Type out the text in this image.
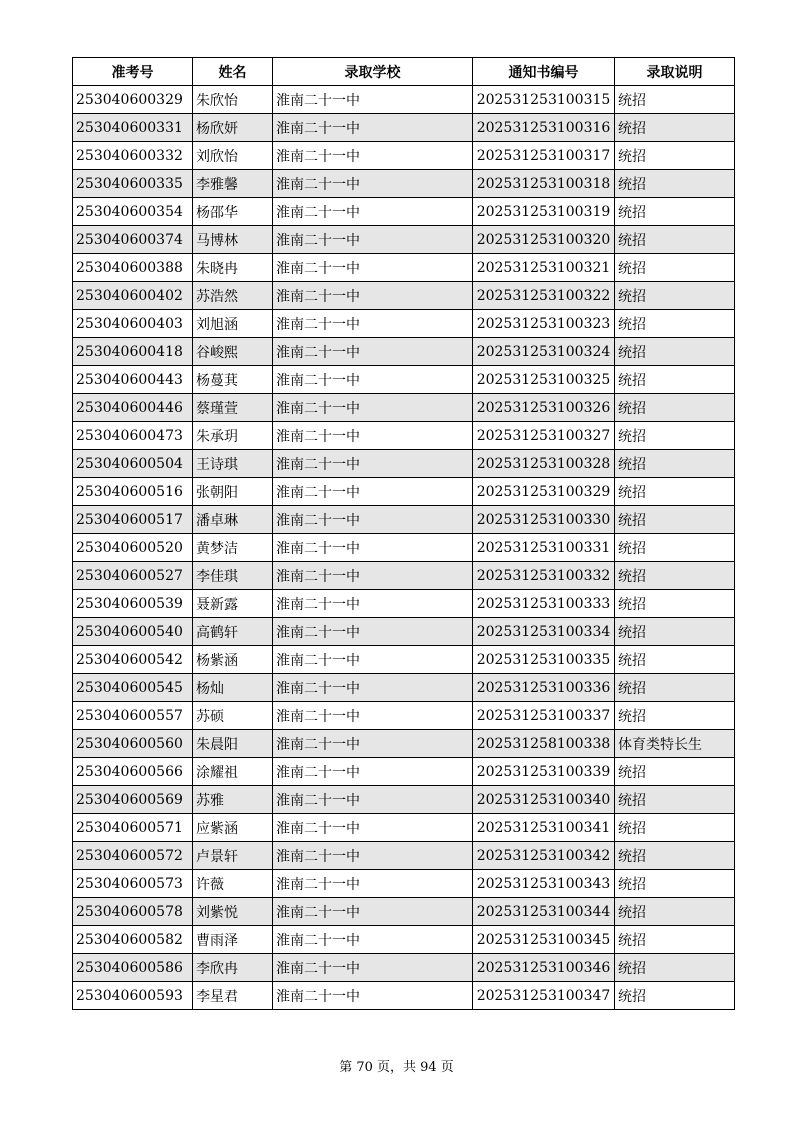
准考号	姓名	录取学校	通知书编号	录取说明
253040600329	朱欣怡	淮南二十一中	202531253100315	统招
253040600331	杨欣妍	淮南二十一中	202531253100316	统招
253040600332	刘欣怡	淮南二十一中	202531253100317	统招
253040600335	李雅馨	淮南二十一中	202531253100318	统招
253040600354	杨邵华	淮南二十一中	202531253100319	统招
253040600374	马博林	淮南二十一中	202531253100320	统招
253040600388	朱晓冉	淮南二十一中	202531253100321	统招
253040600402	苏浩然	淮南二十一中	202531253100322	统招
253040600403	刘旭涵	淮南二十一中	202531253100323	统招
253040600418	谷峻熙	淮南二十一中	202531253100324	统招
253040600443	杨蔓萁	淮南二十一中	202531253100325	统招
253040600446	蔡瑾萱	淮南二十一中	202531253100326	统招
253040600473	朱承玥	淮南二十一中	202531253100327	统招
253040600504	王诗琪	淮南二十一中	202531253100328	统招
253040600516	张朝阳	淮南二十一中	202531253100329	统招
253040600517	潘卓琳	淮南二十一中	202531253100330	统招
253040600520	黄梦洁	淮南二十一中	202531253100331	统招
253040600527	李佳琪	淮南二十一中	202531253100332	统招
253040600539	聂新露	淮南二十一中	202531253100333	统招
253040600540	高鹤轩	淮南二十一中	202531253100334	统招
253040600542	杨紫涵	淮南二十一中	202531253100335	统招
253040600545	杨灿	淮南二十一中	202531253100336	统招
253040600557	苏硕	淮南二十一中	202531253100337	统招
253040600560	朱晨阳	淮南二十一中	202531258100338	体育类特长生
253040600566	涂耀祖	淮南二十一中	202531253100339	统招
253040600569	苏雅	淮南二十一中	202531253100340	统招
253040600571	应紫涵	淮南二十一中	202531253100341	统招
253040600572	卢景轩	淮南二十一中	202531253100342	统招
253040600573	许薇	淮南二十一中	202531253100343	统招
253040600578	刘紫悦	淮南二十一中	202531253100344	统招
253040600582	曹雨泽	淮南二十一中	202531253100345	统招
253040600586	李欣冉	淮南二十一中	202531253100346	统招
253040600593	李星君	淮南二十一中	202531253100347	统招
第 70 页，共 94 页
